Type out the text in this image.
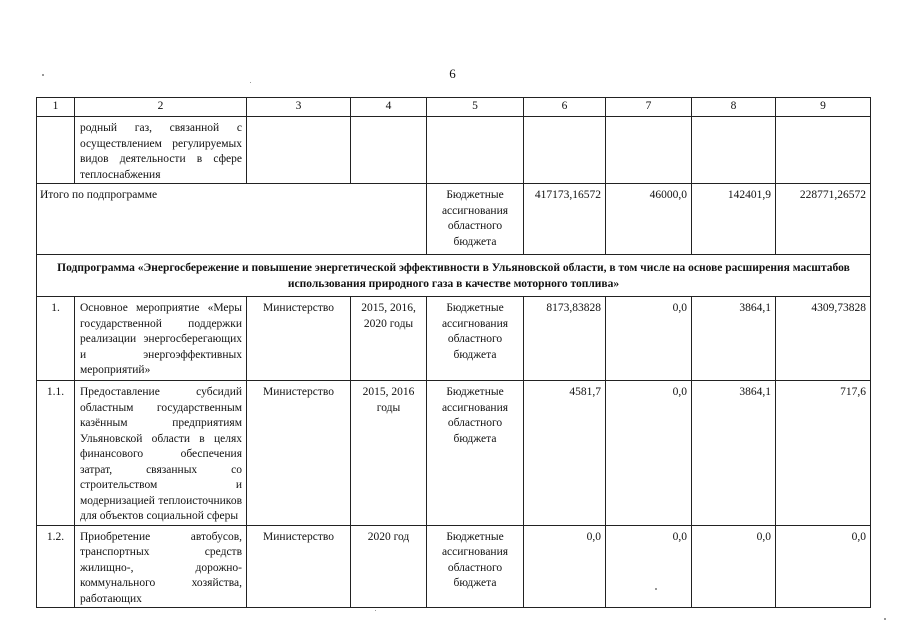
6
1	2	3	4	5	6	7	8	9
	родный газ, связанной с осуществлением регулируемых видов деятельности в сфере теплоснабжения							
Итого по подпрограмме				Бюджетные ассигнования областного бюджета	417173,16572	46000,0	142401,9	228771,26572
Подпрограмма «Энергосбережение и повышение энергетической эффективности в Ульяновской области, в том числе на основе расширения масштабов использования природного газа в качестве моторного топлива»								
1.	Основное мероприятие «Меры государственной поддержки реализации энергосберегающих и энергоэффективных мероприятий»	Министерство	2015, 2016, 2020 годы	Бюджетные ассигнования областного бюджета	8173,83828	0,0	3864,1	4309,73828
1.1.	Предоставление субсидий областным государственным казённым предприятиям Ульяновской области в целях финансового обеспечения затрат, связанных со строительством и модернизацией теплоисточников для объектов социальной сферы	Министерство	2015, 2016 годы	Бюджетные ассигнования областного бюджета	4581,7	0,0	3864,1	717,6
1.2.	Приобретение автобусов, транспортных средств жилищно-, дорожно-коммунального хозяйства, работающих	Министерство	2020 год	Бюджетные ассигнования областного бюджета	0,0	0,0	0,0	0,0
